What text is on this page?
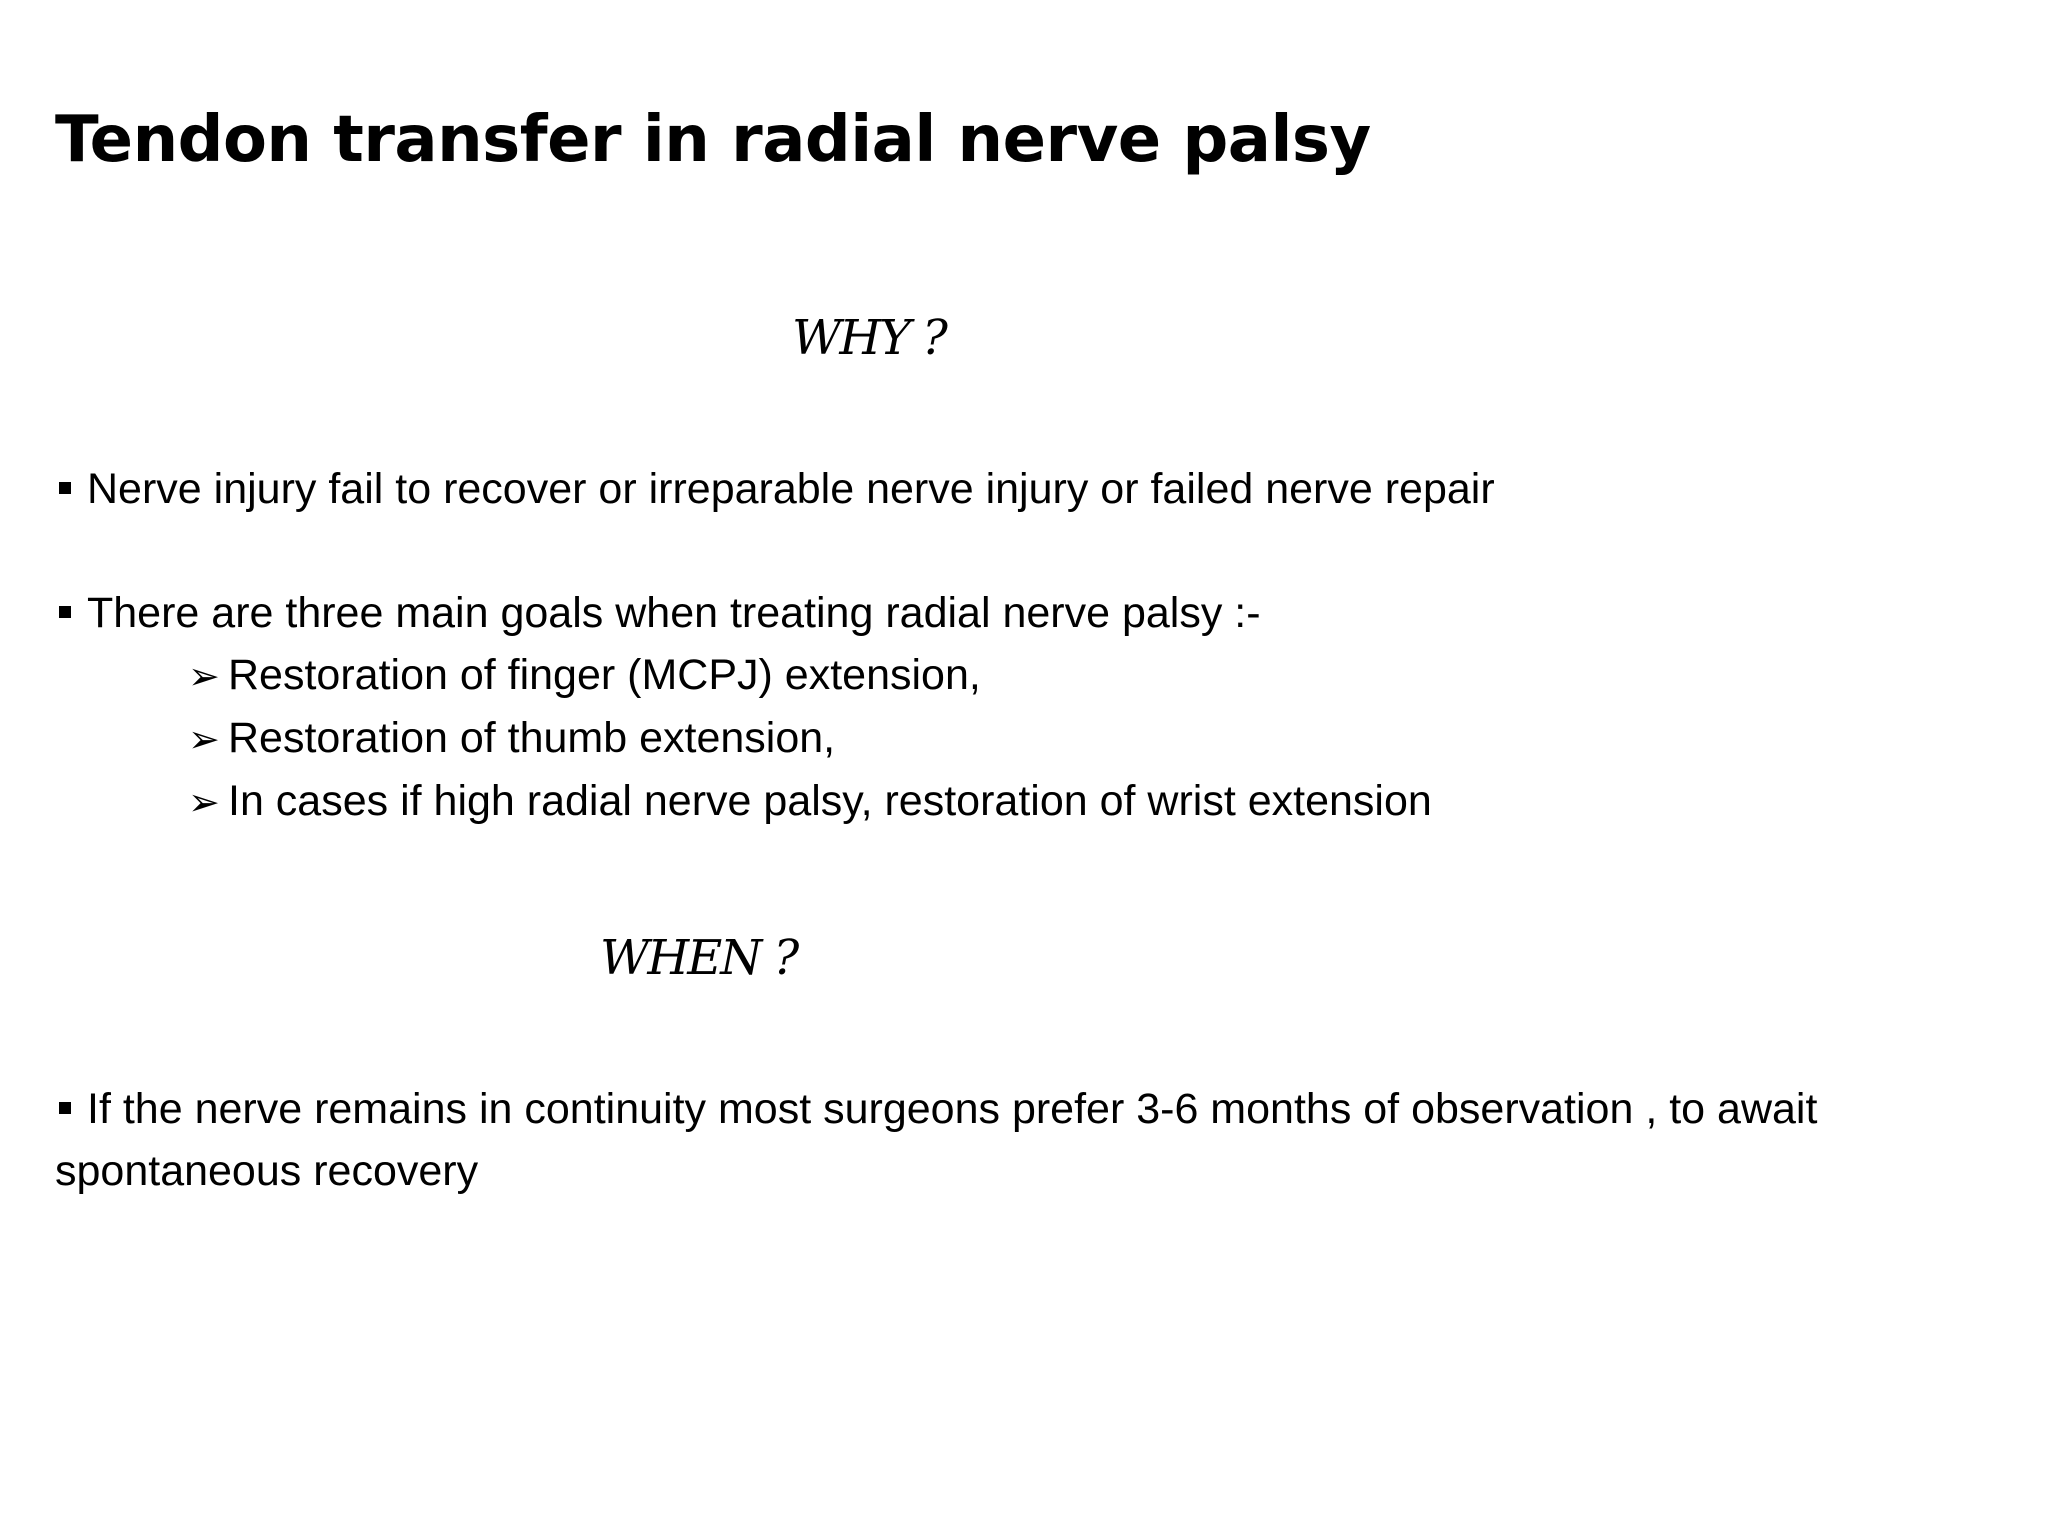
Tendon transfer in radial nerve palsy
WHY ?

Nerve injury fail to recover or irreparable nerve injury or failed nerve repair

There are three main goals when treating radial nerve palsy :-

➢ Restoration of finger (MCPJ) extension,
➢ Restoration of thumb extension,
➢ In cases if high radial nerve palsy, restoration of wrist extension
WHEN ?

If the nerve remains in continuity most surgeons prefer 3-6 months of observation , to await spontaneous recovery
